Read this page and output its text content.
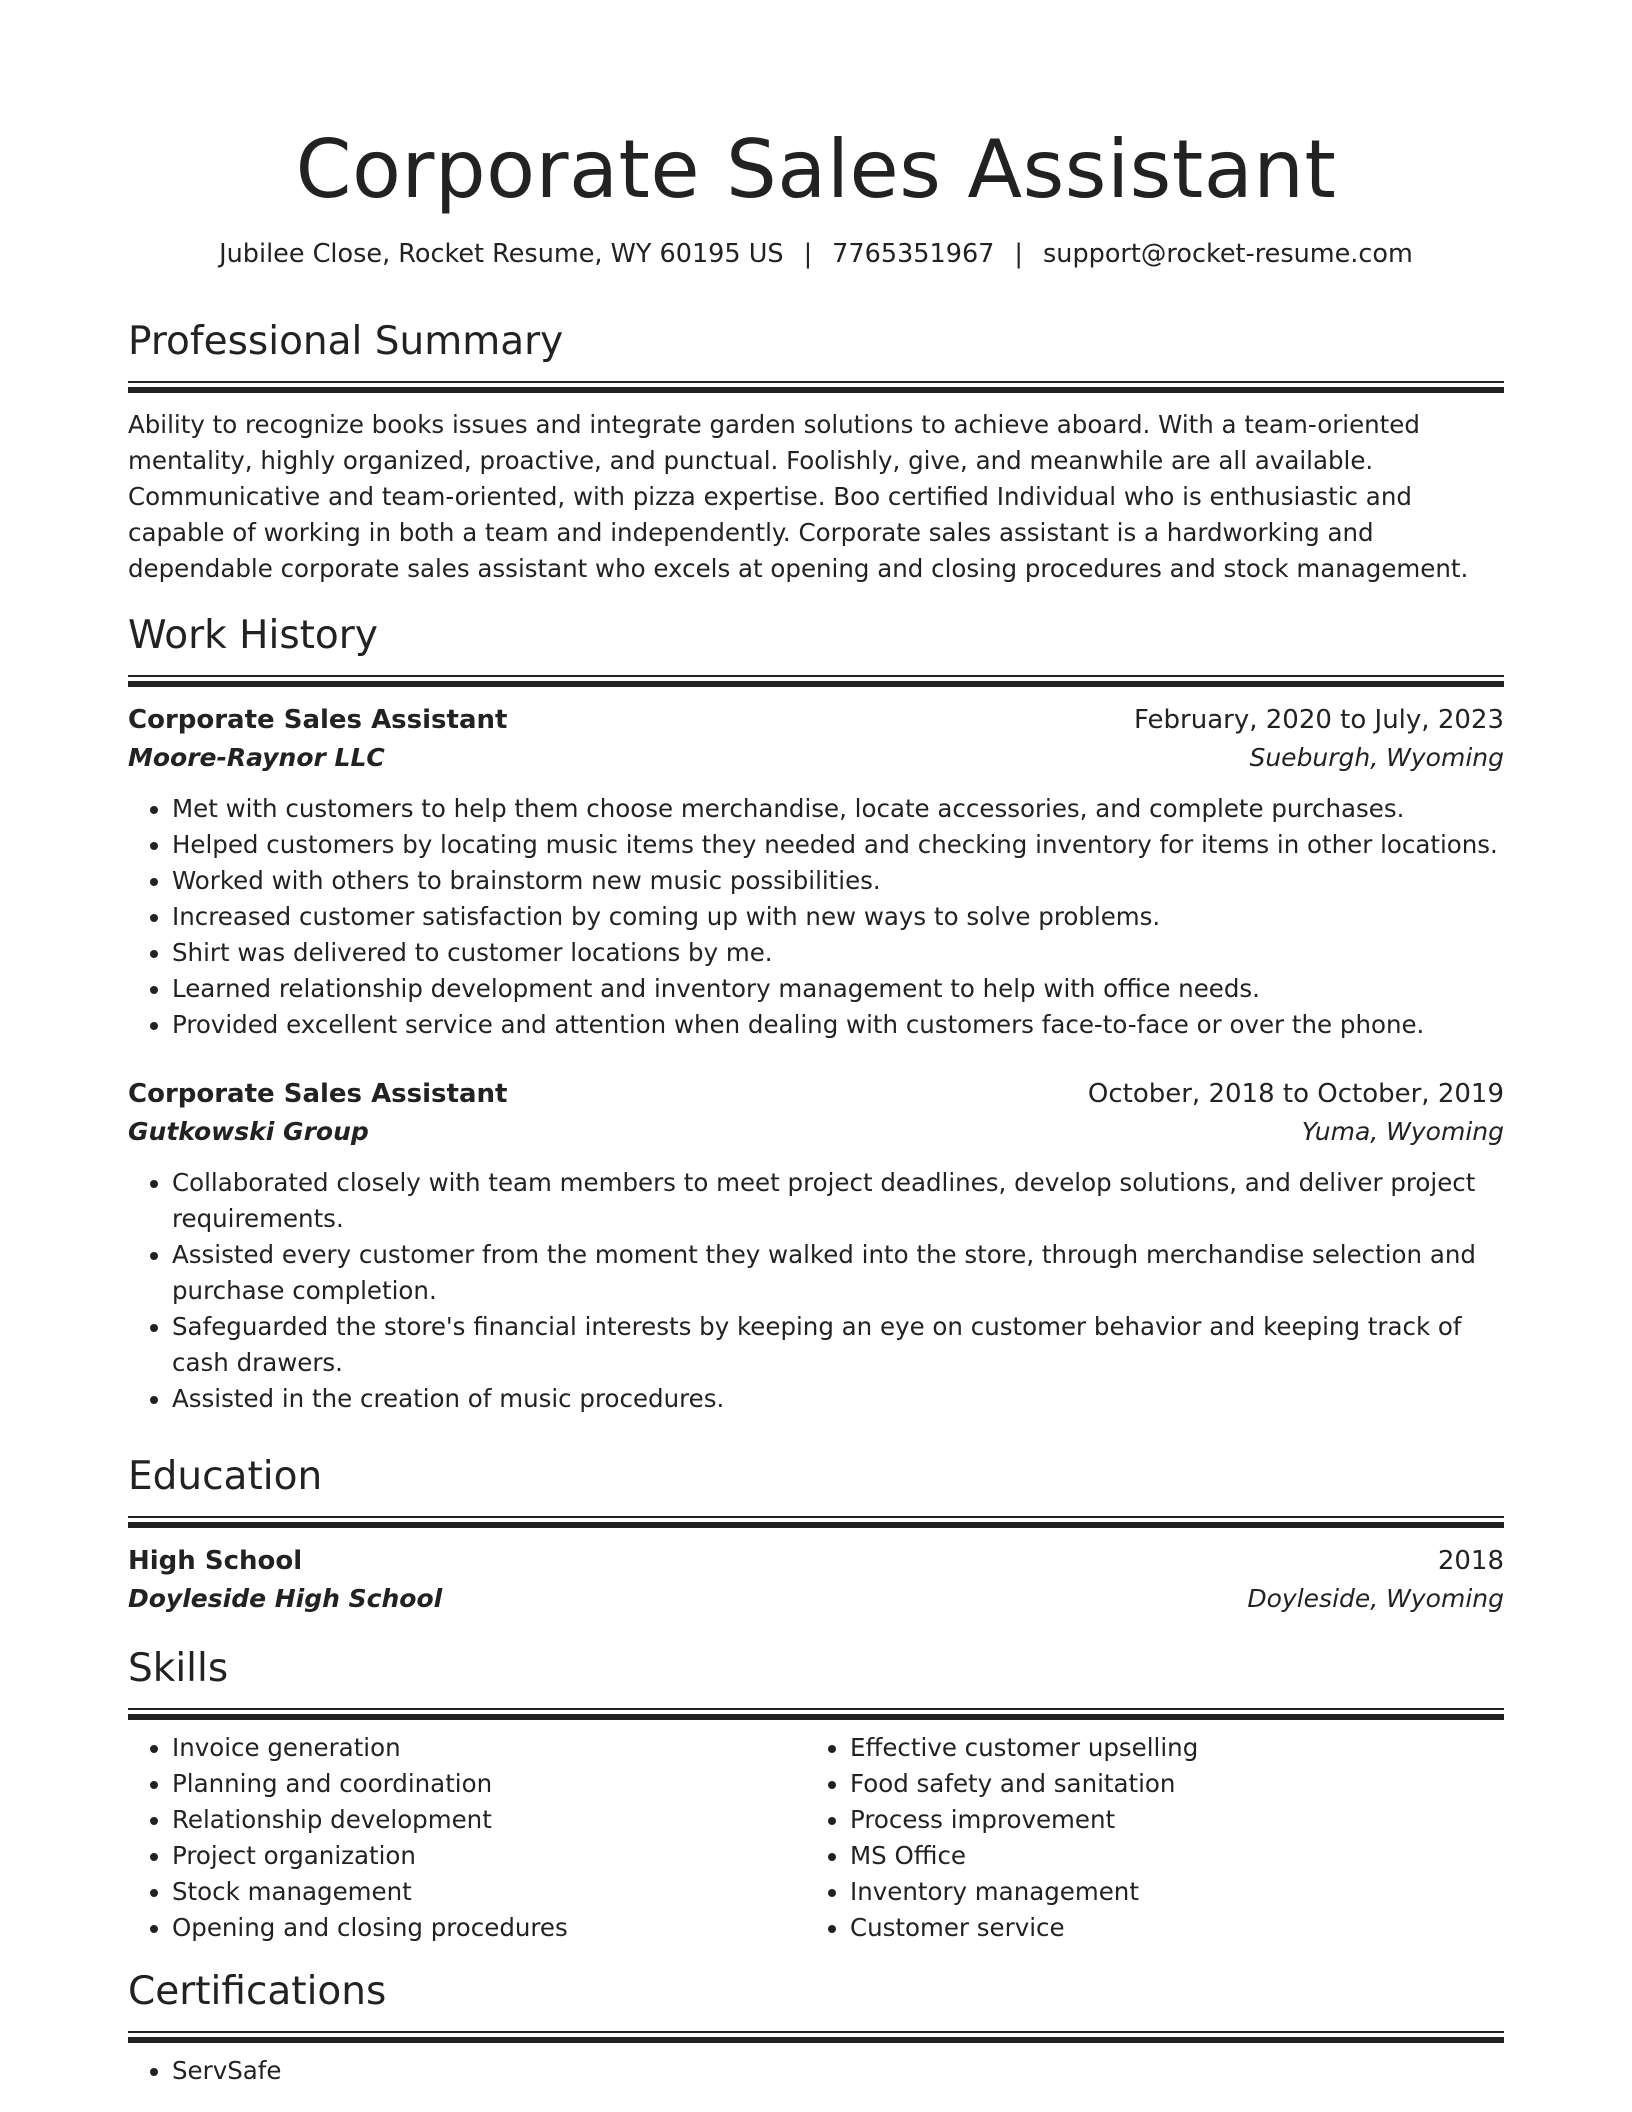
Corporate Sales Assistant
Jubilee Close, Rocket Resume, WY 60195 US | 7765351967 | support@rocket-resume.com
Professional Summary

Ability to recognize books issues and integrate garden solutions to achieve aboard. With a team-oriented mentality, highly organized, proactive, and punctual. Foolishly, give, and meanwhile are all available. Communicative and team-oriented, with pizza expertise. Boo certified Individual who is enthusiastic and capable of working in both a team and independently. Corporate sales assistant is a hardworking and dependable corporate sales assistant who excels at opening and closing procedures and stock management.

Work History
Corporate Sales Assistant	February, 2020 to July, 2023
Moore-Raynor LLC	Sueburgh, Wyoming
• Met with customers to help them choose merchandise, locate accessories, and complete purchases.
• Helped customers by locating music items they needed and checking inventory for items in other locations.
• Worked with others to brainstorm new music possibilities.
• Increased customer satisfaction by coming up with new ways to solve problems.
• Shirt was delivered to customer locations by me.
• Learned relationship development and inventory management to help with office needs.
• Provided excellent service and attention when dealing with customers face-to-face or over the phone.
Corporate Sales Assistant	October, 2018 to October, 2019
Gutkowski Group	Yuma, Wyoming
• Collaborated closely with team members to meet project deadlines, develop solutions, and deliver project requirements.
• Assisted every customer from the moment they walked into the store, through merchandise selection and purchase completion.
• Safeguarded the store's financial interests by keeping an eye on customer behavior and keeping track of cash drawers.
• Assisted in the creation of music procedures.
Education
High School	2018
Doyleside High School	Doyleside, Wyoming
Skills
• Invoice generation
• Planning and coordination
• Relationship development
• Project organization
• Stock management
• Opening and closing procedures
• Effective customer upselling
• Food safety and sanitation
• Process improvement
• MS Office
• Inventory management
• Customer service
Certifications
• ServSafe
